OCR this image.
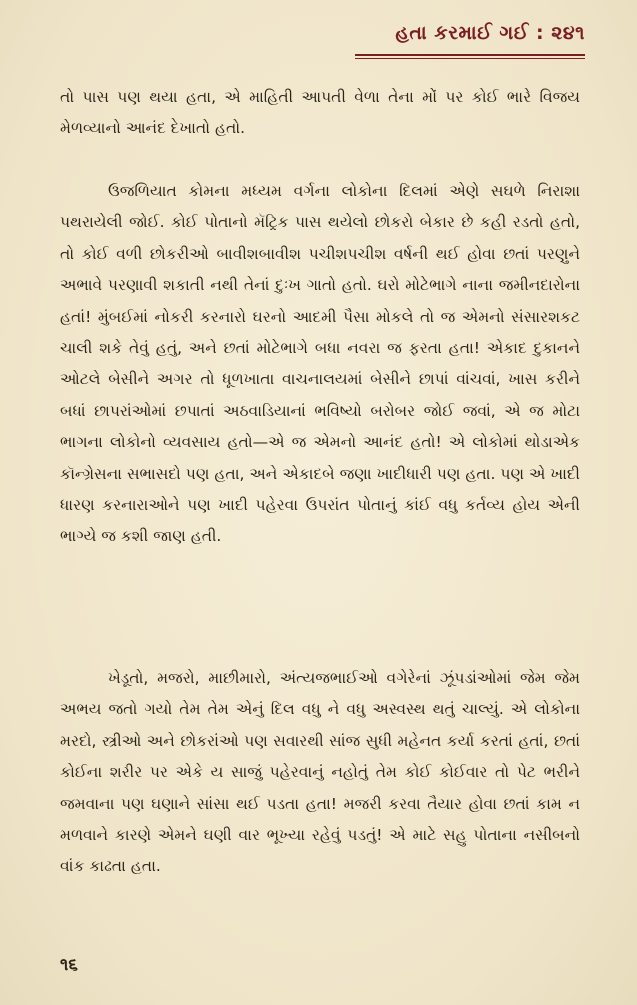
હતા કરમાઈ ગઈ : ૨૪૧

તો પાસ પણ થયા હતા, એ માહિતી આપતી વેળા તેના મોં પર કોઈ ભારે વિજય મેળવ્યાનો આનંદ દેખાતો હતો.

ઉજળિયાત કોમના મધ્યમ વર્ગના લોકોના દિલમાં એણે સઘળે નિરાશા પથરાયેલી જોઈ. કોઈ પોતાનો મૅટ્રિક પાસ થયેલો છોકરો બેકાર છે કહી રડતો હતો, તો કોઈ વળી છોકરીઓ બાવીશબાવીશ પચીશપચીશ વર્ષની થઈ હોવા છતાં પરણુને અભાવે પરણાવી શકાતી નથી તેનાં દુઃખ ગાતો હતો. ઘરો મોટેભાગે નાના જમીનદારોના હતાં! મુંબઈમાં નોકરી કરનારો ઘરનો આદમી પૈસા મોકલે તો જ એમનો સંસારશકટ ચાલી શકે તેવું હતું, અને છતાં મોટેભાગે બધા નવરા જ ફરતા હતા! એકાદ દુકાનને ઓટલે બેસીને અગર તો ધૂળખાતા વાચનાલયમાં બેસીને છાપાં વાંચવાં, ખાસ કરીને બધાં છાપરાંઓમાં છપાતાં અઠવાડિયાનાં ભવિષ્યો બરોબર જોઈ જવાં, એ જ મોટા ભાગના લોકોનો વ્યવસાય હતો—એ જ એમનો આનંદ હતો! એ લોકોમાં થોડાએક કૉન્ગ્રેસના સભાસદો પણ હતા, અને એકાદબે જણા ખાદીધારી પણ હતા. પણ એ ખાદી ધારણ કરનારાઓને પણ ખાદી પહેરવા ઉપરાંત પોતાનું કાંઈ વધુ કર્તવ્ય હોય એની ભાગ્યે જ કશી જાણ હતી.

ખેડૂતો, મજરો, માછીમારો, અંત્યજભાઈઓ વગેરેનાં ઝૂંપડાંઓમાં જેમ જેમ અભય જતો ગયો તેમ તેમ એનું દિલ વધુ ને વધુ અસ્વસ્થ થતું ચાલ્યું. એ લોકોના મરદો, સ્ત્રીઓ અને છોકરાંઓ પણ સવારથી સાંજ સુધી મહેનત કર્યા કરતાં હતાં, છતાં કોઈના શરીર પર એકે ય સાજું પહેરવાનું નહોતું તેમ કોઈ કોઈવાર તો પેટ ભરીને જમવાના પણ ઘણાને સાંસા થઈ પડતા હતા! મજરી કરવા તૈયાર હોવા છતાં કામ ન મળવાને કારણે એમને ઘણી વાર ભૂખ્યા રહેવું પડતું! એ માટે સહુ પોતાના નસીબનો વાંક કાઢતા હતા.

૧૬
